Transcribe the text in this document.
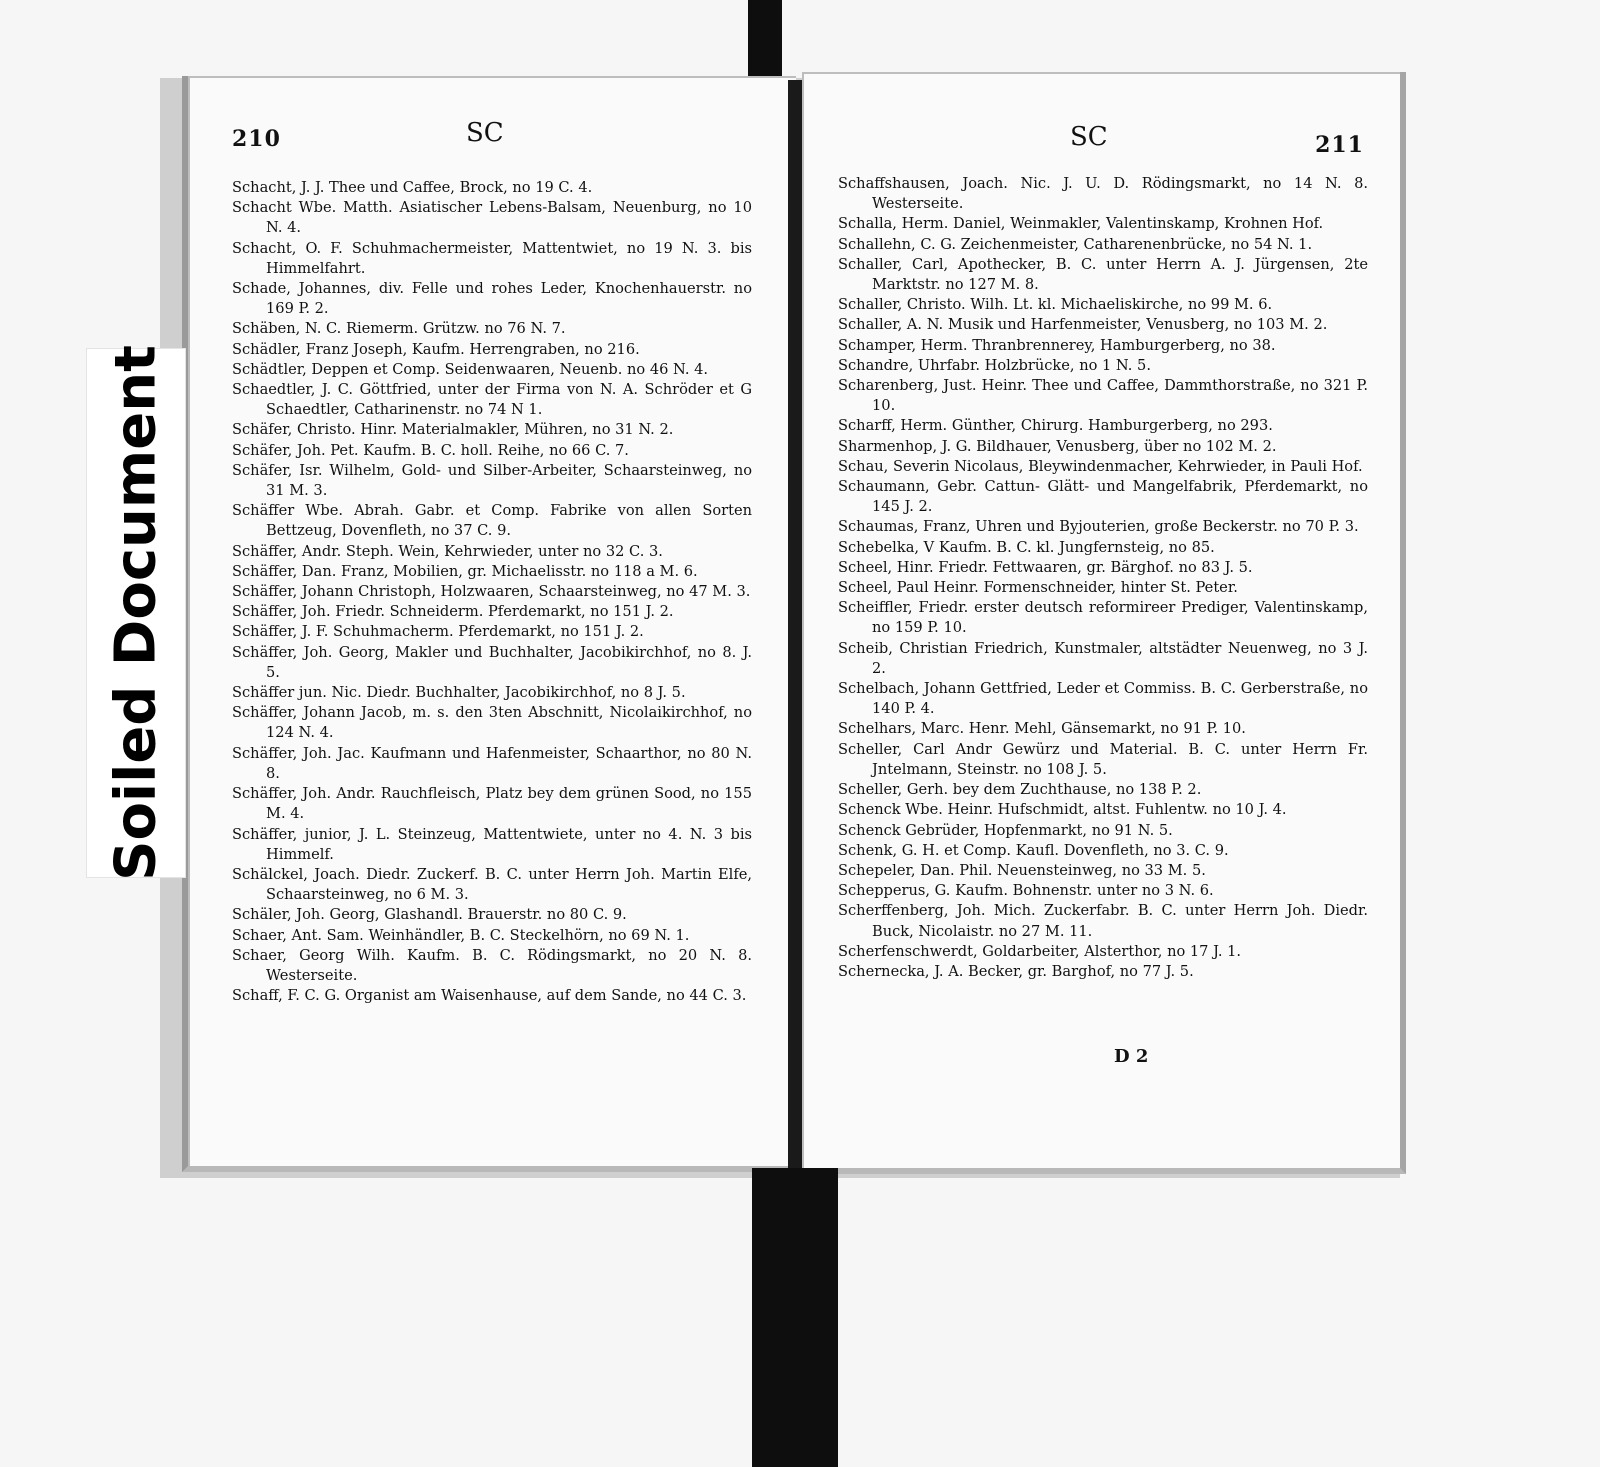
210	SC
Schacht, J. J. Thee und Caffee, Brock, no 19 C. 4.
Schacht Wbe. Matth. Asiatischer Lebens-Balsam, Neuenburg, no 10 N. 4.
Schacht, O. F. Schuhmachermeister, Mattentwiet, no 19 N. 3. bis Himmelfahrt.
Schade, Johannes, div. Felle und rohes Leder, Knochenhauerstr. no 169 P. 2.
Schäben, N. C. Riemerm. Grützw. no 76 N. 7.
Schädler, Franz Joseph, Kaufm. Herrengraben, no 216.
Schädtler, Deppen et Comp. Seidenwaaren, Neuenb. no 46 N. 4.
Schaedtler, J. C. Göttfried, unter der Firma von N. A. Schröder et G Schaedtler, Catharinenstr. no 74 N 1.
Schäfer, Christo. Hinr. Materialmakler, Mühren, no 31 N. 2.
Schäfer, Joh. Pet. Kaufm. B. C. holl. Reihe, no 66 C. 7.
Schäfer, Isr. Wilhelm, Gold- und Silber-Arbeiter, Schaarsteinweg, no 31 M. 3.
Schäffer Wbe. Abrah. Gabr. et Comp. Fabrike von allen Sorten Bettzeug, Dovenfleth, no 37 C. 9.
Schäffer, Andr. Steph. Wein, Kehrwieder, unter no 32 C. 3.
Schäffer, Dan. Franz, Mobilien, gr. Michaelisstr. no 118 a M. 6.
Schäffer, Johann Christoph, Holzwaaren, Schaarsteinweg, no 47 M. 3.
Schäffer, Joh. Friedr. Schneiderm. Pferdemarkt, no 151 J. 2.
Schäffer, J. F. Schuhmacherm. Pferdemarkt, no 151 J. 2.
Schäffer, Joh. Georg, Makler und Buchhalter, Jacobikirchhof, no 8. J. 5.
Schäffer jun. Nic. Diedr. Buchhalter, Jacobikirchhof, no 8 J. 5.
Schäffer, Johann Jacob, m. s. den 3ten Abschnitt, Nicolaikirchhof, no 124 N. 4.
Schäffer, Joh. Jac. Kaufmann und Hafenmeister, Schaarthor, no 80 N. 8.
Schäffer, Joh. Andr. Rauchfleisch, Platz bey dem grünen Sood, no 155 M. 4.
Schäffer, junior, J. L. Steinzeug, Mattentwiete, unter no 4. N. 3 bis Himmelf.
Schälckel, Joach. Diedr. Zuckerf. B. C. unter Herrn Joh. Martin Elfe, Schaarsteinweg, no 6 M. 3.
Schäler, Joh. Georg, Glashandl. Brauerstr. no 80 C. 9.
Schaer, Ant. Sam. Weinhändler, B. C. Steckelhörn, no 69 N. 1.
Schaer, Georg Wilh. Kaufm. B. C. Rödingsmarkt, no 20 N. 8. Westerseite.
Schaff, F. C. G. Organist am Waisenhause, auf dem Sande, no 44 C. 3.
SC	211
Schaffshausen, Joach. Nic. J. U. D. Rödingsmarkt, no 14 N. 8. Westerseite.
Schalla, Herm. Daniel, Weinmakler, Valentinskamp, Krohnen Hof.
Schallehn, C. G. Zeichenmeister, Catharenenbrücke, no 54 N. 1.
Schaller, Carl, Apothecker, B. C. unter Herrn A. J. Jürgensen, 2te Marktstr. no 127 M. 8.
Schaller, Christo. Wilh. Lt. kl. Michaeliskirche, no 99 M. 6.
Schaller, A. N. Musik und Harfenmeister, Venusberg, no 103 M. 2.
Schamper, Herm. Thranbrennerey, Hamburgerberg, no 38.
Schandre, Uhrfabr. Holzbrücke, no 1 N. 5.
Scharenberg, Just. Heinr. Thee und Caffee, Dammthorstraße, no 321 P. 10.
Scharff, Herm. Günther, Chirurg. Hamburgerberg, no 293.
Sharmenhop, J. G. Bildhauer, Venusberg, über no 102 M. 2.
Schau, Severin Nicolaus, Bleywindenmacher, Kehrwieder, in Pauli Hof.
Schaumann, Gebr. Cattun- Glätt- und Mangelfabrik, Pferdemarkt, no 145 J. 2.
Schaumas, Franz, Uhren und Byjouterien, große Beckerstr. no 70 P. 3.
Schebelka, V Kaufm. B. C. kl. Jungfernsteig, no 85.
Scheel, Hinr. Friedr. Fettwaaren, gr. Bärghof. no 83 J. 5.
Scheel, Paul Heinr. Formenschneider, hinter St. Peter.
Scheiffler, Friedr. erster deutsch reformireer Prediger, Valentinskamp, no 159 P. 10.
Scheib, Christian Friedrich, Kunstmaler, altstädter Neuenweg, no 3 J. 2.
Schelbach, Johann Gettfried, Leder et Commiss. B. C. Gerberstraße, no 140 P. 4.
Schelhars, Marc. Henr. Mehl, Gänsemarkt, no 91 P. 10.
Scheller, Carl Andr Gewürz und Material. B. C. unter Herrn Fr. Jntelmann, Steinstr. no 108 J. 5.
Scheller, Gerh. bey dem Zuchthause, no 138 P. 2.
Schenck Wbe. Heinr. Hufschmidt, altst. Fuhlentw. no 10 J. 4.
Schenck Gebrüder, Hopfenmarkt, no 91 N. 5.
Schenk, G. H. et Comp. Kaufl. Dovenfleth, no 3. C. 9.
Schepeler, Dan. Phil. Neuensteinweg, no 33 M. 5.
Schepperus, G. Kaufm. Bohnenstr. unter no 3 N. 6.
Scherffenberg, Joh. Mich. Zuckerfabr. B. C. unter Herrn Joh. Diedr. Buck, Nicolaistr. no 27 M. 11.
Scherfenschwerdt, Goldarbeiter, Alsterthor, no 17 J. 1.
Schernecka, J. A. Becker, gr. Barghof, no 77 J. 5.
D 2
Soiled Document
